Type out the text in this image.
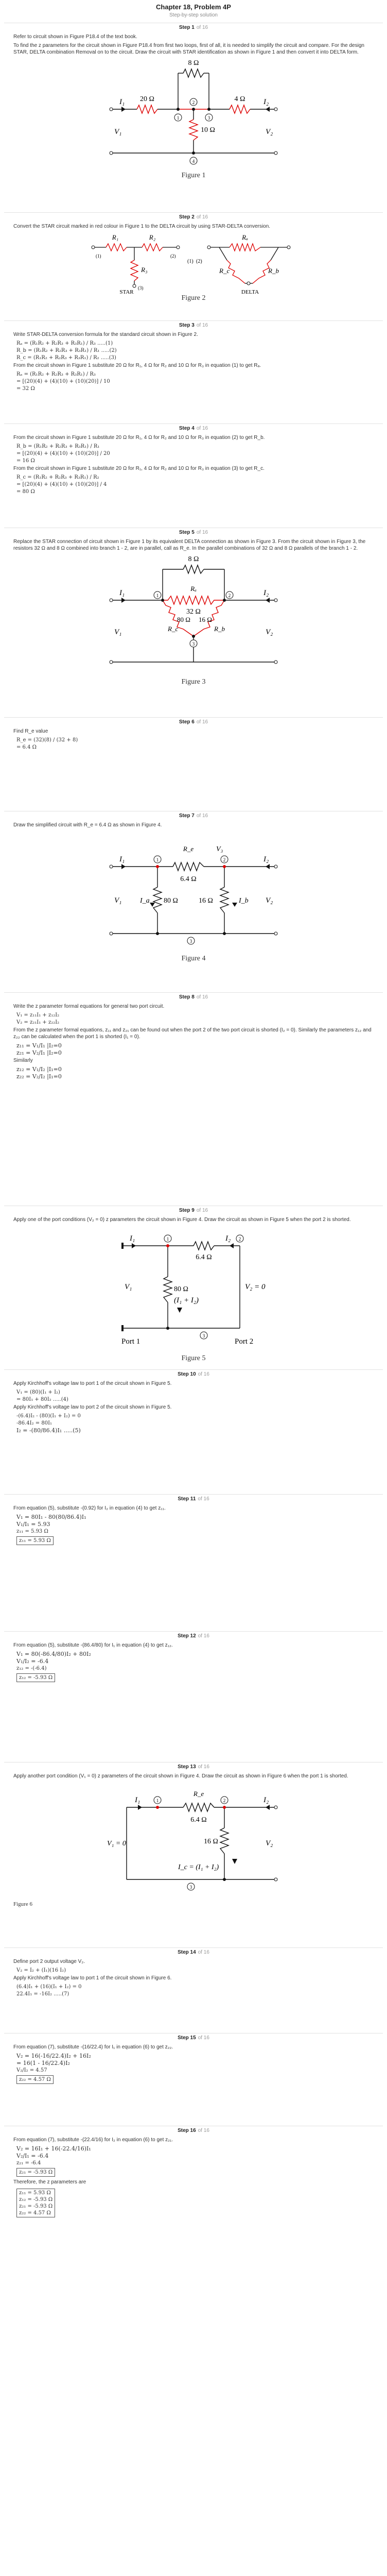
Chapter 18, Problem 4P
Step-by-step solution
Step 1 of 16

Refer to circuit shown in Figure P18.4 of the text book.

To find the z parameters for the circuit shown in Figure P18.4 from first two loops, first of all, it is needed to simplify the circuit and compare. For the design STAR, DELTA combination Removal on to the circuit. Draw the circuit with STAR identification as shown in Figure 1 and then convert it into DELTA form.

8 Ω
20 Ω	4 Ω
10 Ω
I₁	I₂
V₁	V₂
1
2
3
4
Figure 1
Step 2 of 16

Convert the STAR circuit marked in red colour in Figure 1 to the DELTA circuit by using STAR-DELTA conversion.

R₁	R₂
R₃
Rₐ
R_c	R_b
(1)	(2)
(3)
(1) (2)
STAR	DELTA
Figure 2
Step 3 of 16

Write STAR-DELTA conversion formula for the standard circuit shown in Figure 2.

Rₐ = (R₁R₂ + R₂R₃ + R₃R₁) / R₃ .....(1)
R_b = (R₁R₂ + R₂R₃ + R₃R₁) / R₁ .....(2)
R_c = (R₁R₂ + R₂R₃ + R₃R₁) / R₂ .....(3)

From the circuit shown in Figure 1 substitute 20 Ω for R₁, 4 Ω for R₂ and 10 Ω for R₃ in equation (1) to get Rₐ.

Rₐ = (R₁R₂ + R₂R₃ + R₃R₁) / R₃
= [(20)(4) + (4)(10) + (10)(20)] / 10
= 32 Ω
Step 4 of 16

From the circuit shown in Figure 1 substitute 20 Ω for R₁, 4 Ω for R₂ and 10 Ω for R₃ in equation (2) to get R_b.

R_b = (R₁R₂ + R₂R₃ + R₃R₁) / R₁
= [(20)(4) + (4)(10) + (10)(20)] / 20
= 16 Ω

From the circuit shown in Figure 1 substitute 20 Ω for R₁, 4 Ω for R₂ and 10 Ω for R₃ in equation (3) to get R_c.

R_c = (R₁R₂ + R₂R₃ + R₃R₁) / R₂
= [(20)(4) + (4)(10) + (10)(20)] / 4
= 80 Ω
Step 5 of 16

Replace the STAR connection of circuit shown in Figure 1 by its equivalent DELTA connection as shown in Figure 3. From the circuit shown in Figure 3, the resistors 32 Ω and 8 Ω combined into branch 1 - 2, are in parallel, call as R_e. In the parallel combinations of 32 Ω and 8 Ω parallels of the branch 1 - 2.

8 Ω
Rₐ
32 Ω
R_c
80 Ω 16 Ω
R_b
I₁	I₂
V₁	V₂
1	2
3
Figure 3
Step 6 of 16

Find R_e value

R_e = (32)(8) / (32 + 8)
= 6.4 Ω
Step 7 of 16

Draw the simplified circuit with R_e = 6.4 Ω as shown in Figure 4.

R_e
6.4 Ω
80 Ω	16 Ω
I₁	I₂
I_a	I_b
V₁	V₂
V₃
1	2
3
Figure 4
Step 8 of 16

Write the z parameter formal equations for general two port circuit.

V₁ = z₁₁I₁ + z₁₂I₂
V₂ = z₂₁I₁ + z₂₂I₂

From the z parameter formal equations, z₁₁ and z₂₁ can be found out when the port 2 of the two port circuit is shorted (I₂ = 0). Similarly the parameters z₁₂ and z₂₂ can be calculated when the port 1 is shorted (I₁ = 0).

z₁₁ = V₁/I₁ |I₂=0
z₂₁ = V₂/I₁ |I₂=0

Similarly

z₁₂ = V₁/I₂ |I₁=0
z₂₂ = V₂/I₂ |I₁=0
Step 9 of 16

Apply one of the port conditions (V₂ = 0) z parameters the circuit shown in Figure 4. Draw the circuit as shown in Figure 5 when the port 2 is shorted.

6.4 Ω
80 Ω
(I₁ + I₂)
I₁	I₂
V₁	V₂ = 0
Port 1	Port 2
1	2
3
Figure 5
Step 10 of 16

Apply Kirchhoff's voltage law to port 1 of the circuit shown in Figure 5.

V₁ = (80)(I₁ + I₂)
= 80I₁ + 80I₂ .....(4)

Apply Kirchhoff's voltage law to port 2 of the circuit shown in Figure 5.

-(6.4)I₂ - (80)(I₁ + I₂) = 0
-86.4I₂ = 80I₁
I₂ = -(80/86.4)I₁ .....(5)
Step 11 of 16

From equation (5), substitute -(0.92) for I₂ in equation (4) to get z₁₁.

V₁ = 80I₁ - 80(80/86.4)I₁
V₁/I₁ = 5.93
z₁₁ = 5.93 Ω
z₁₁ = 5.93 Ω
Step 12 of 16

From equation (5), substitute -(86.4/80) for I₁ in equation (4) to get z₁₂.

V₁ = 80(-86.4/80)I₂ + 80I₂
V₁/I₂ = -6.4
z₁₂ = -(-6.4)
z₁₂ = -5.93 Ω
Step 13 of 16

Apply another port condition (V₁ = 0) z parameters of the circuit shown in Figure 4. Draw the circuit as shown in Figure 6 when the port 1 is shorted.

R_e
6.4 Ω
16 Ω
I_c = (I₁ + I₂)
I₁	I₂
V₁ = 0	V₂
1	2
3
Figure 6
Step 14 of 16

Define port 2 output voltage V₂.

V₂ = I₂ + (I₁)(16 I₂)

Apply Kirchhoff's voltage law to port 1 of the circuit shown in Figure 6.

(6.4)I₁ + (16)(I₁ + I₂) = 0
22.4I₁ = -16I₂ .....(7)
Step 15 of 16

From equation (7), substitute -(16/22.4) for I₁ in equation (6) to get z₂₂.

V₂ = 16(-16/22.4)I₂ + 16I₂
= 16(1 - 16/22.4)I₂
V₂/I₂ = 4.57
z₂₂ = 4.57 Ω
Step 16 of 16

From equation (7), substitute -(22.4/16) for I₂ in equation (6) to get z₂₁.

V₂ = 16I₁ + 16(-22.4/16)I₁
V₂/I₁ = -6.4
z₂₁ = -6.4
z₂₁ = -5.93 Ω

Therefore, the z parameters are

z₁₁ = 5.93 Ω
z₁₂ = -5.93 Ω
z₂₁ = -5.93 Ω
z₂₂ = 4.57 Ω
